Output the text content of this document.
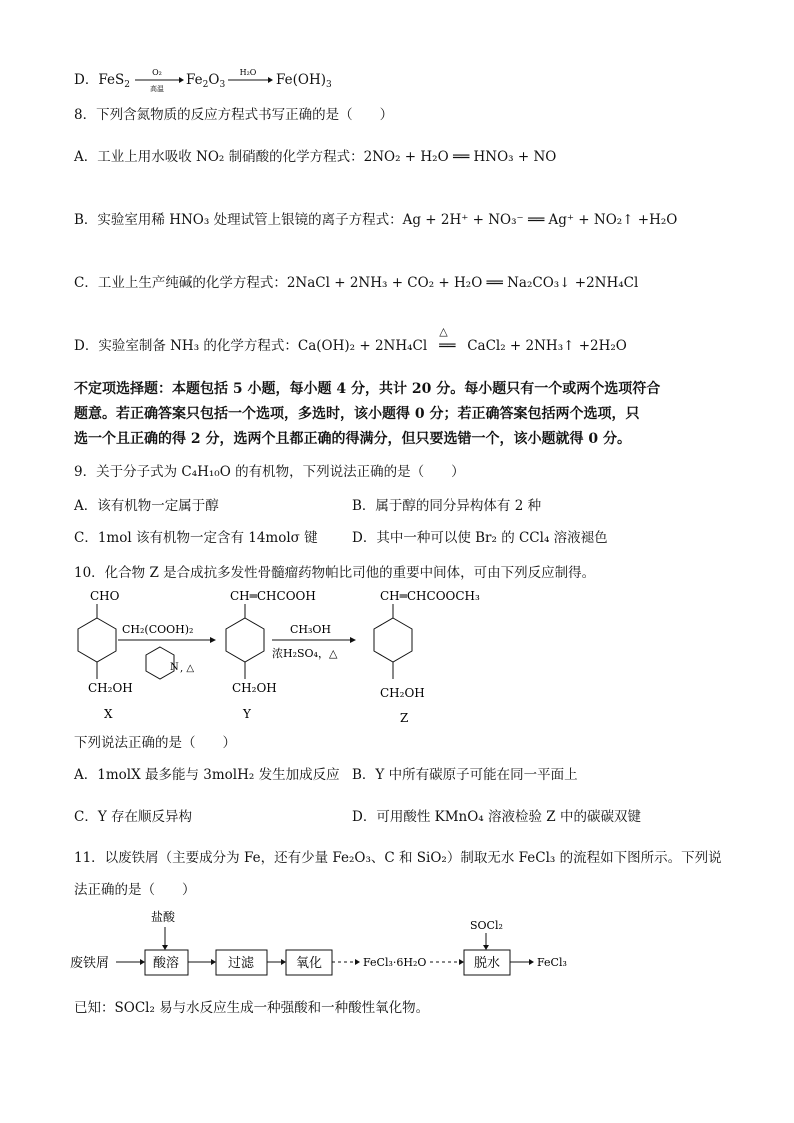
D．FeS$_2$
O₂
高温
$Fe_2O_3$
H₂O $Fe(OH)_3$
8．下列含氮物质的反应方程式书写正确的是（　　）
A．工业上用水吸收 NO₂ 制硝酸的化学方程式：2NO₂ + H₂O ══ HNO₃ + NO
B．实验室用稀 HNO₃ 处理试管上银镜的离子方程式：Ag + 2H⁺ + NO₃⁻ ══ Ag⁺ + NO₂↑ +H₂O
C．工业上生产纯碱的化学方程式：2NaCl + 2NH₃ + CO₂ + H₂O ══ Na₂CO₃↓ +2NH₄Cl
D．实验室制备 NH₃ 的化学方程式：Ca(OH)₂ + 2NH₄Cl
△
══ CaCl₂ + 2NH₃↑ +2H₂O
不定项选择题：本题包括 5 小题，每小题 4 分，共计 20 分。每小题只有一个或两个选项符合
题意。若正确答案只包括一个选项，多选时，该小题得 0 分；若正确答案包括两个选项，只
选一个且正确的得 2 分，选两个且都正确的得满分，但只要选错一个，该小题就得 0 分。
9．关于分子式为 C₄H₁₀O 的有机物，下列说法正确的是（　　）
A．该有机物一定属于醇	B．属于醇的同分异构体有 2 种
C．1mol 该有机物一定含有 14molσ 键	D．其中一种可以使 Br₂ 的 CCl₄ 溶液褪色
10．化合物 Z 是合成抗多发性骨髓瘤药物帕比司他的重要中间体，可由下列反应制得。
CHO
CH₂OH
X
CH₂(COOH)₂
N , △
CH═CHCOOH
CH₂OH
Y
CH₃OH
浓H₂SO₄，△
CH═CHCOOCH₃
CH₂OH
Z
下列说法正确的是（　　）
A．1molX 最多能与 3molH₂ 发生加成反应 B．Y 中所有碳原子可能在同一平面上
C．Y 存在顺反异构	D．可用酸性 KMnO₄ 溶液检验 Z 中的碳碳双键
11．以废铁屑（主要成分为 Fe，还有少量 Fe₂O₃、C 和 SiO₂）制取无水 FeCl₃ 的流程如下图所示。下列说
法正确的是（　　）
废铁屑
盐酸
酸溶	过滤	氧化	FeCl₃·6H₂O
SOCl₂
脱水	FeCl₃
已知：SOCl₂ 易与水反应生成一种强酸和一种酸性氧化物。
